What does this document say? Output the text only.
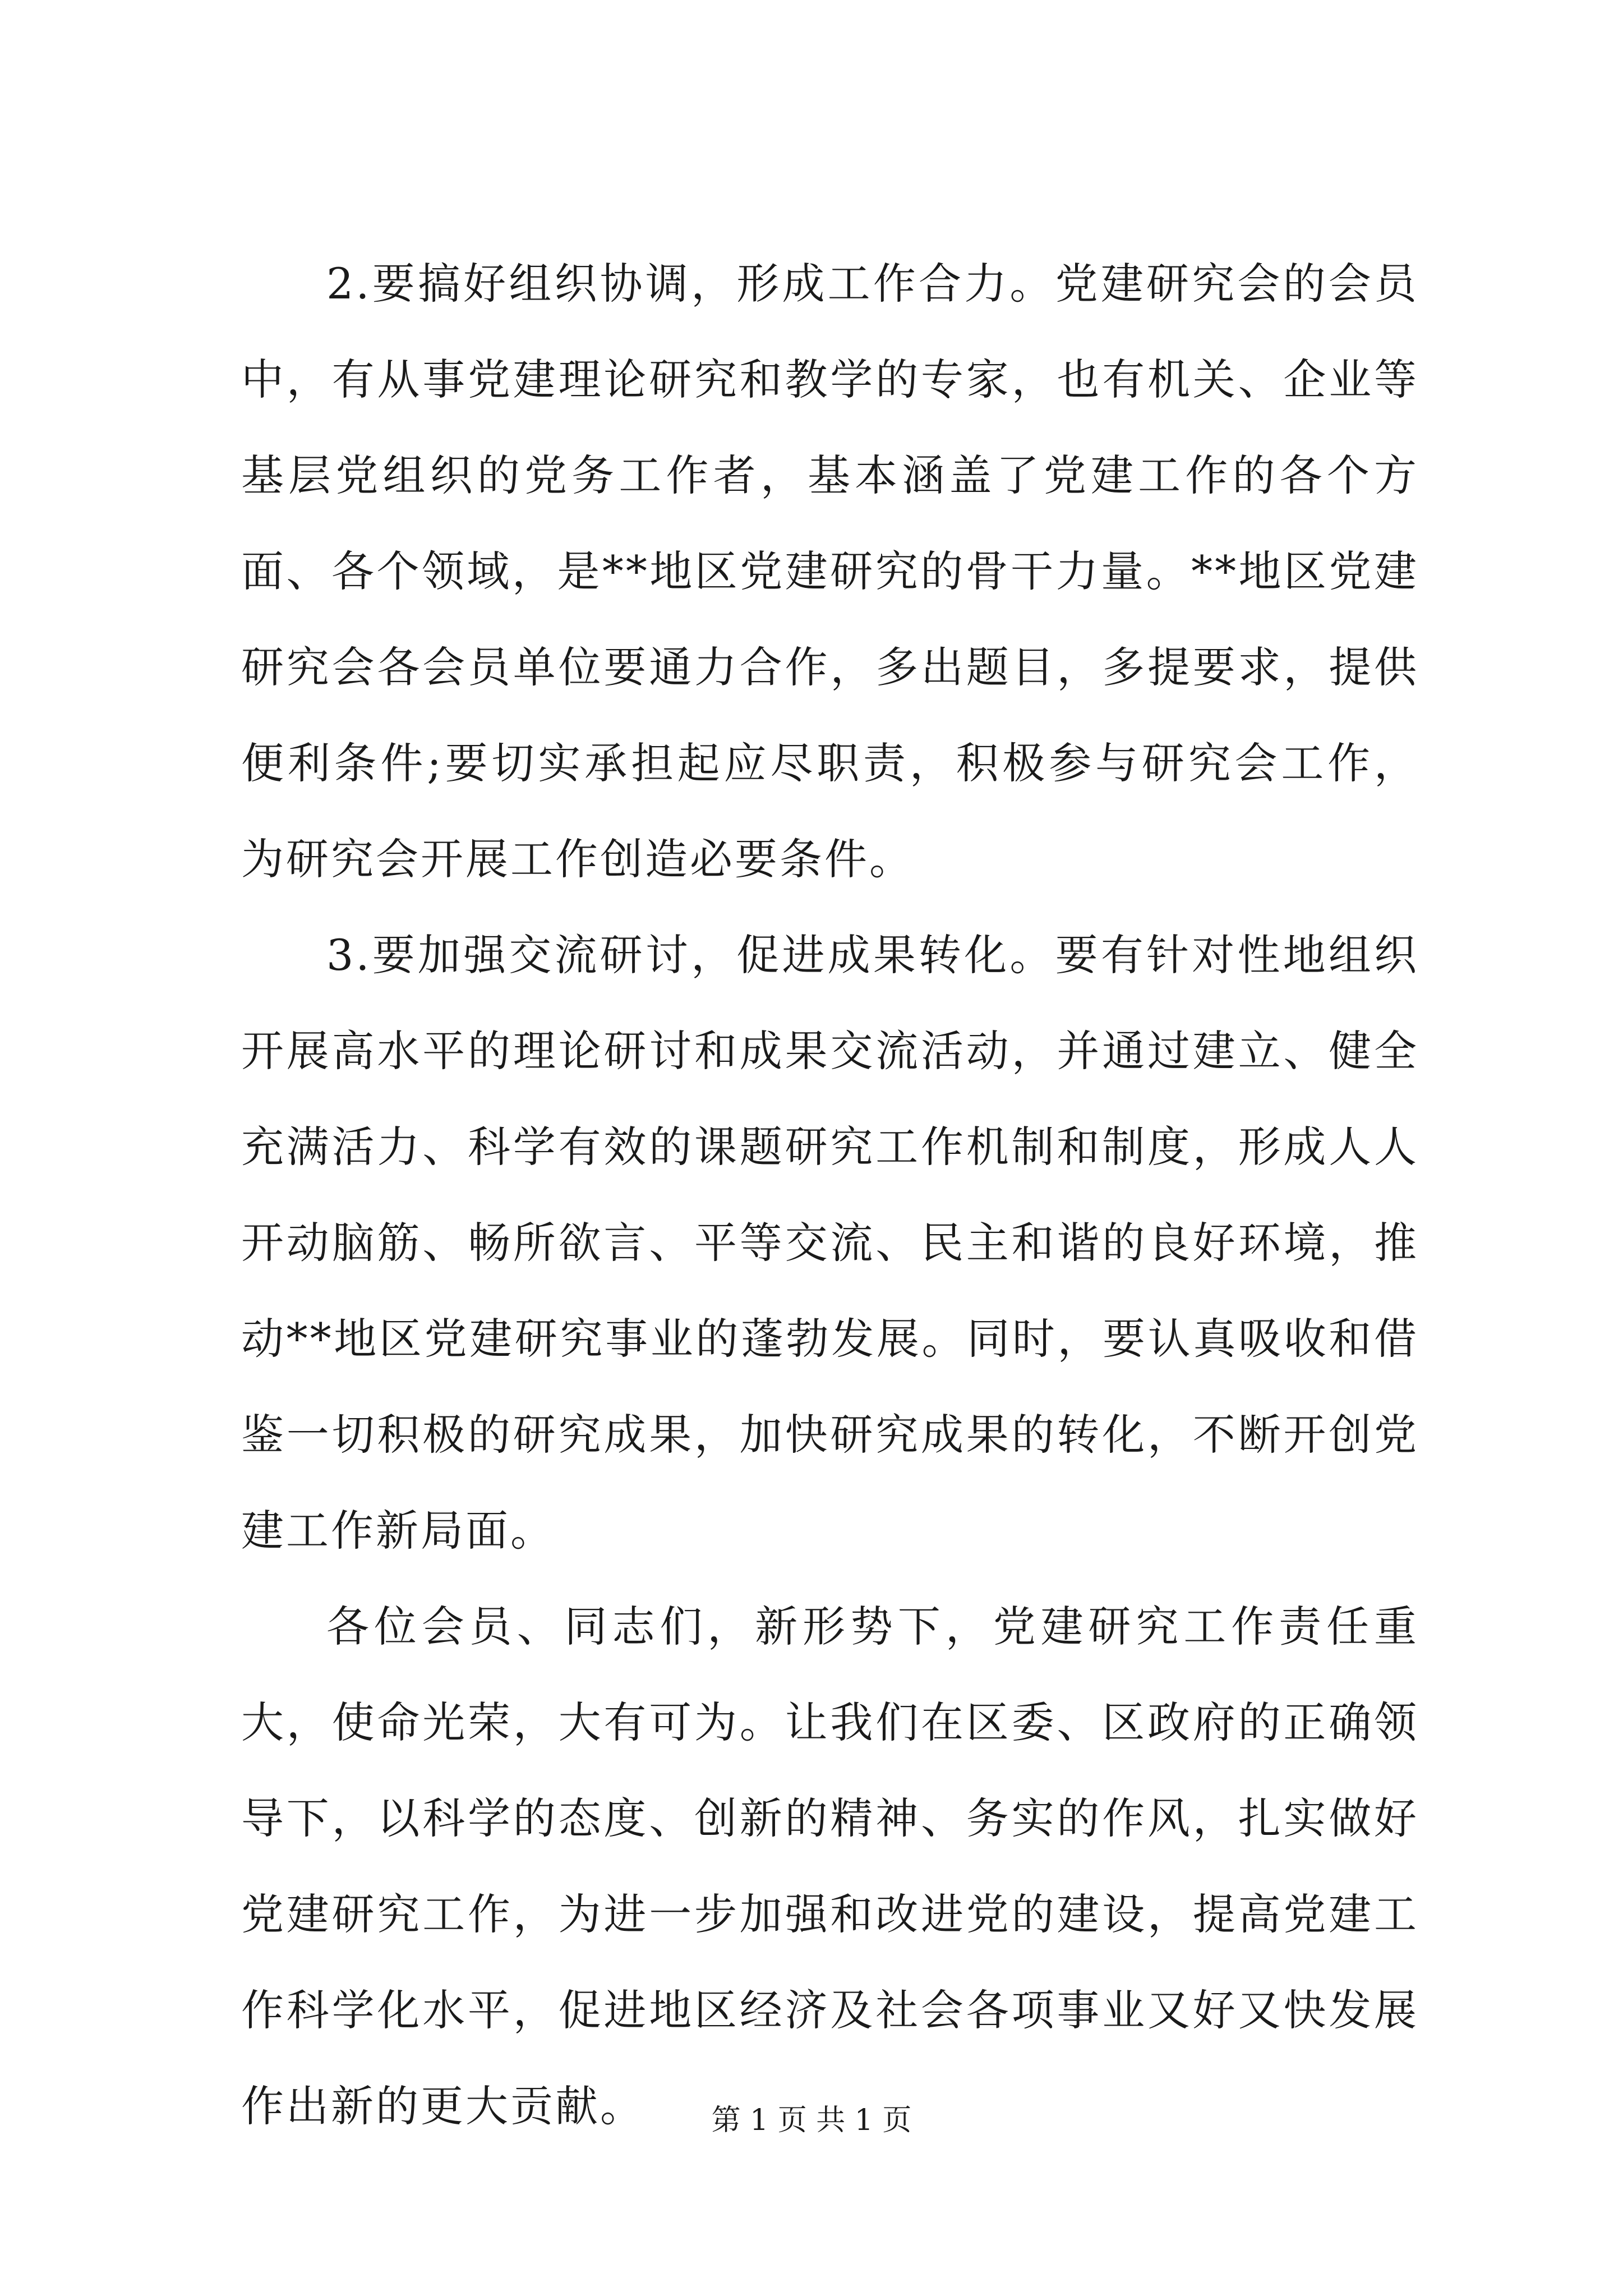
2.要搞好组织协调，形成工作合力。党建研究会的会员中，有从事党建理论研究和教学的专家，也有机关、企业等基层党组织的党务工作者，基本涵盖了党建工作的各个方面、各个领域，是**地区党建研究的骨干力量。**地区党建研究会各会员单位要通力合作，多出题目，多提要求，提供便利条件;要切实承担起应尽职责，积极参与研究会工作，为研究会开展工作创造必要条件。

3.要加强交流研讨，促进成果转化。要有针对性地组织开展高水平的理论研讨和成果交流活动，并通过建立、健全充满活力、科学有效的课题研究工作机制和制度，形成人人开动脑筋、畅所欲言、平等交流、民主和谐的良好环境，推动**地区党建研究事业的蓬勃发展。同时，要认真吸收和借鉴一切积极的研究成果，加快研究成果的转化，不断开创党建工作新局面。

各位会员、同志们，新形势下，党建研究工作责任重大，使命光荣，大有可为。让我们在区委、区政府的正确领导下，以科学的态度、创新的精神、务实的作风，扎实做好党建研究工作，为进一步加强和改进党的建设，提高党建工作科学化水平，促进地区经济及社会各项事业又好又快发展作出新的更大贡献。	第 1 页 共 1 页
